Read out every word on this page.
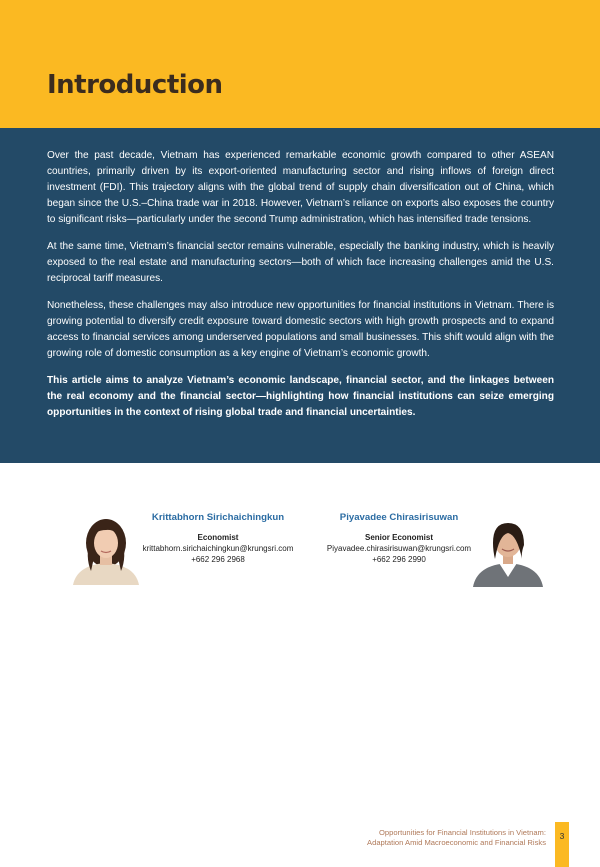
Introduction

Over the past decade, Vietnam has experienced remarkable economic growth compared to other ASEAN countries, primarily driven by its export-oriented manufacturing sector and rising inflows of foreign direct investment (FDI). This trajectory aligns with the global trend of supply chain diversification out of China, which began since the U.S.–China trade war in 2018. However, Vietnam’s reliance on exports also exposes the country to significant risks—particularly under the second Trump administration, which has intensified trade tensions.

At the same time, Vietnam’s financial sector remains vulnerable, especially the banking industry, which is heavily exposed to the real estate and manufacturing sectors—both of which face increasing challenges amid the U.S. reciprocal tariff measures.

Nonetheless, these challenges may also introduce new opportunities for financial institutions in Vietnam. There is growing potential to diversify credit exposure toward domestic sectors with high growth prospects and to expand access to financial services among underserved populations and small businesses. This shift would align with the growing role of domestic consumption as a key engine of Vietnam’s economic growth.

This article aims to analyze Vietnam’s economic landscape, financial sector, and the linkages between the real economy and the financial sector—highlighting how financial institutions can seize emerging opportunities in the context of rising global trade and financial uncertainties.

Krittabhorn Sirichaichingkun
Economist
krittabhorn.sirichaichingkun@krungsri.com
+662 296 2968
Piyavadee Chirasirisuwan
Senior Economist
Piyavadee.chirasirisuwan@krungsri.com
+662 296 2990
Opportunities for Financial Institutions in Vietnam:
Adaptation Amid Macroeconomic and Financial Risks
3
